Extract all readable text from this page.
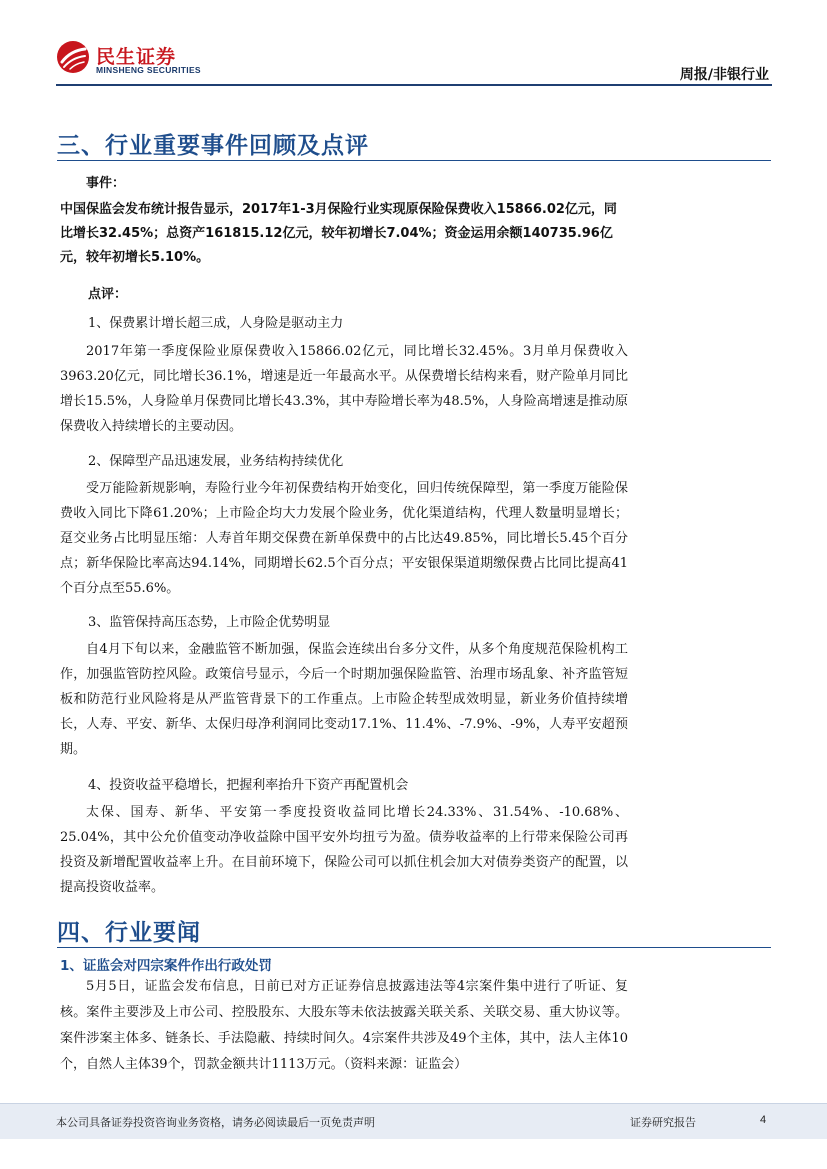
民生证券
MINSHENG SECURITIES	周报/非银行业
三、行业重要事件回顾及点评
事件：
中国保监会发布统计报告显示，2017年1-3月保险行业实现原保险保费收入15866.02亿元，同比增长32.45%；总资产161815.12亿元，较年初增长7.04%；资金运用余额140735.96亿元，较年初增长5.10%。
点评：
1、保费累计增长超三成，人身险是驱动主力
2017年第一季度保险业原保费收入15866.02亿元，同比增长32.45%。3月单月保费收入3963.20亿元，同比增长36.1%，增速是近一年最高水平。从保费增长结构来看，财产险单月同比增长15.5%，人身险单月保费同比增长43.3%，其中寿险增长率为48.5%，人身险高增速是推动原保费收入持续增长的主要动因。
2、保障型产品迅速发展，业务结构持续优化
受万能险新规影响，寿险行业今年初保费结构开始变化，回归传统保障型，第一季度万能险保费收入同比下降61.20%；上市险企均大力发展个险业务，优化渠道结构，代理人数量明显增长；趸交业务占比明显压缩：人寿首年期交保费在新单保费中的占比达49.85%，同比增长5.45个百分点；新华保险比率高达94.14%，同期增长62.5个百分点；平安银保渠道期缴保费占比同比提高41个百分点至55.6%。
3、监管保持高压态势，上市险企优势明显
自4月下旬以来，金融监管不断加强，保监会连续出台多分文件，从多个角度规范保险机构工作，加强监管防控风险。政策信号显示，今后一个时期加强保险监管、治理市场乱象、补齐监管短板和防范行业风险将是从严监管背景下的工作重点。上市险企转型成效明显，新业务价值持续增长，人寿、平安、新华、太保归母净利润同比变动17.1%、11.4%、-7.9%、-9%，人寿平安超预期。
4、投资收益平稳增长，把握利率抬升下资产再配置机会
太保、国寿、新华、平安第一季度投资收益同比增长24.33%、31.54%、-10.68%、25.04%，其中公允价值变动净收益除中国平安外均扭亏为盈。债券收益率的上行带来保险公司再投资及新增配置收益率上升。在目前环境下，保险公司可以抓住机会加大对债券类资产的配置，以提高投资收益率。
四、行业要闻
1、证监会对四宗案件作出行政处罚
5月5日，证监会发布信息，日前已对方正证券信息披露违法等4宗案件集中进行了听证、复核。案件主要涉及上市公司、控股股东、大股东等未依法披露关联关系、关联交易、重大协议等。案件涉案主体多、链条长、手法隐蔽、持续时间久。4宗案件共涉及49个主体，其中，法人主体10个，自然人主体39个，罚款金额共计1113万元。（资料来源：证监会）
本公司具备证券投资咨询业务资格，请务必阅读最后一页免责声明	证券研究报告	4
